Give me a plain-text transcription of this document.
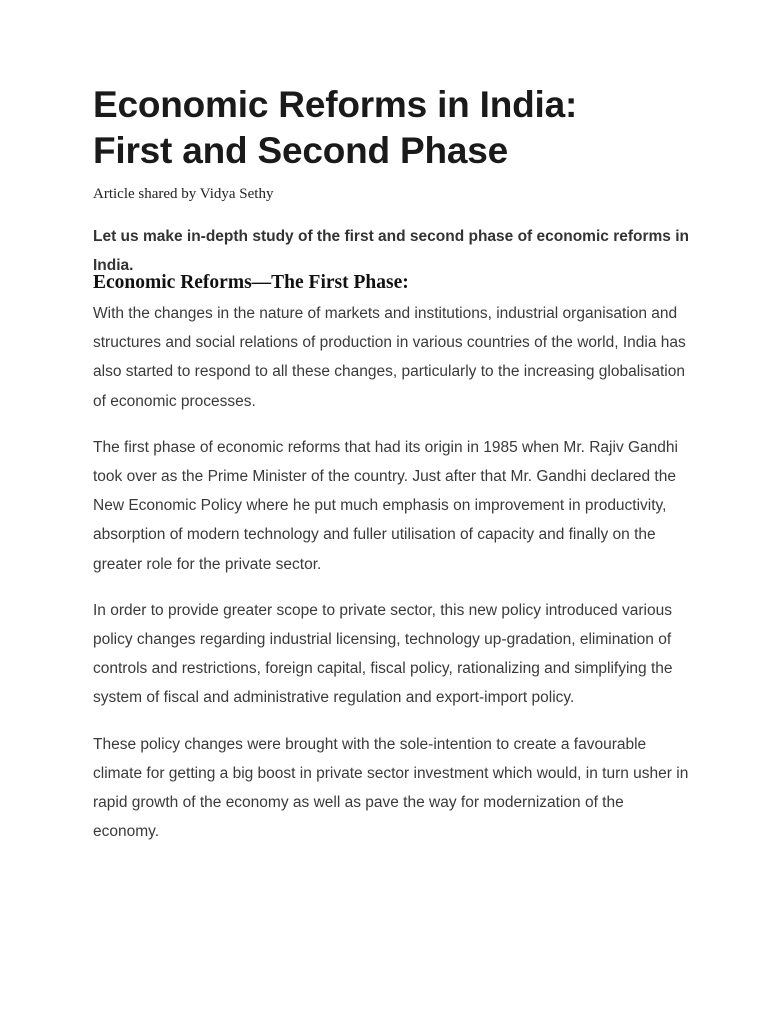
Economic Reforms in India:
First and Second Phase

Article shared by Vidya Sethy

Let us make in-depth study of the first and second phase of economic reforms in India.

Economic Reforms—The First Phase:

With the changes in the nature of markets and institutions, industrial organisation and structures and social relations of production in various countries of the world, India has also started to respond to all these changes, particularly to the increasing globalisation of economic processes.

The first phase of economic reforms that had its origin in 1985 when Mr. Rajiv Gandhi took over as the Prime Minister of the country. Just after that Mr. Gandhi declared the New Economic Policy where he put much emphasis on improvement in productivity, absorption of modern technology and fuller utilisation of capacity and finally on the greater role for the private sector.

In order to provide greater scope to private sector, this new policy introduced various policy changes regarding industrial licensing, technology up-gradation, elimination of controls and restrictions, foreign capital, fiscal policy, rationalizing and simplifying the system of fiscal and administrative regulation and export-import policy.

These policy changes were brought with the sole-intention to create a favourable climate for getting a big boost in private sector investment which would, in turn usher in rapid growth of the economy as well as pave the way for modernization of the economy.
